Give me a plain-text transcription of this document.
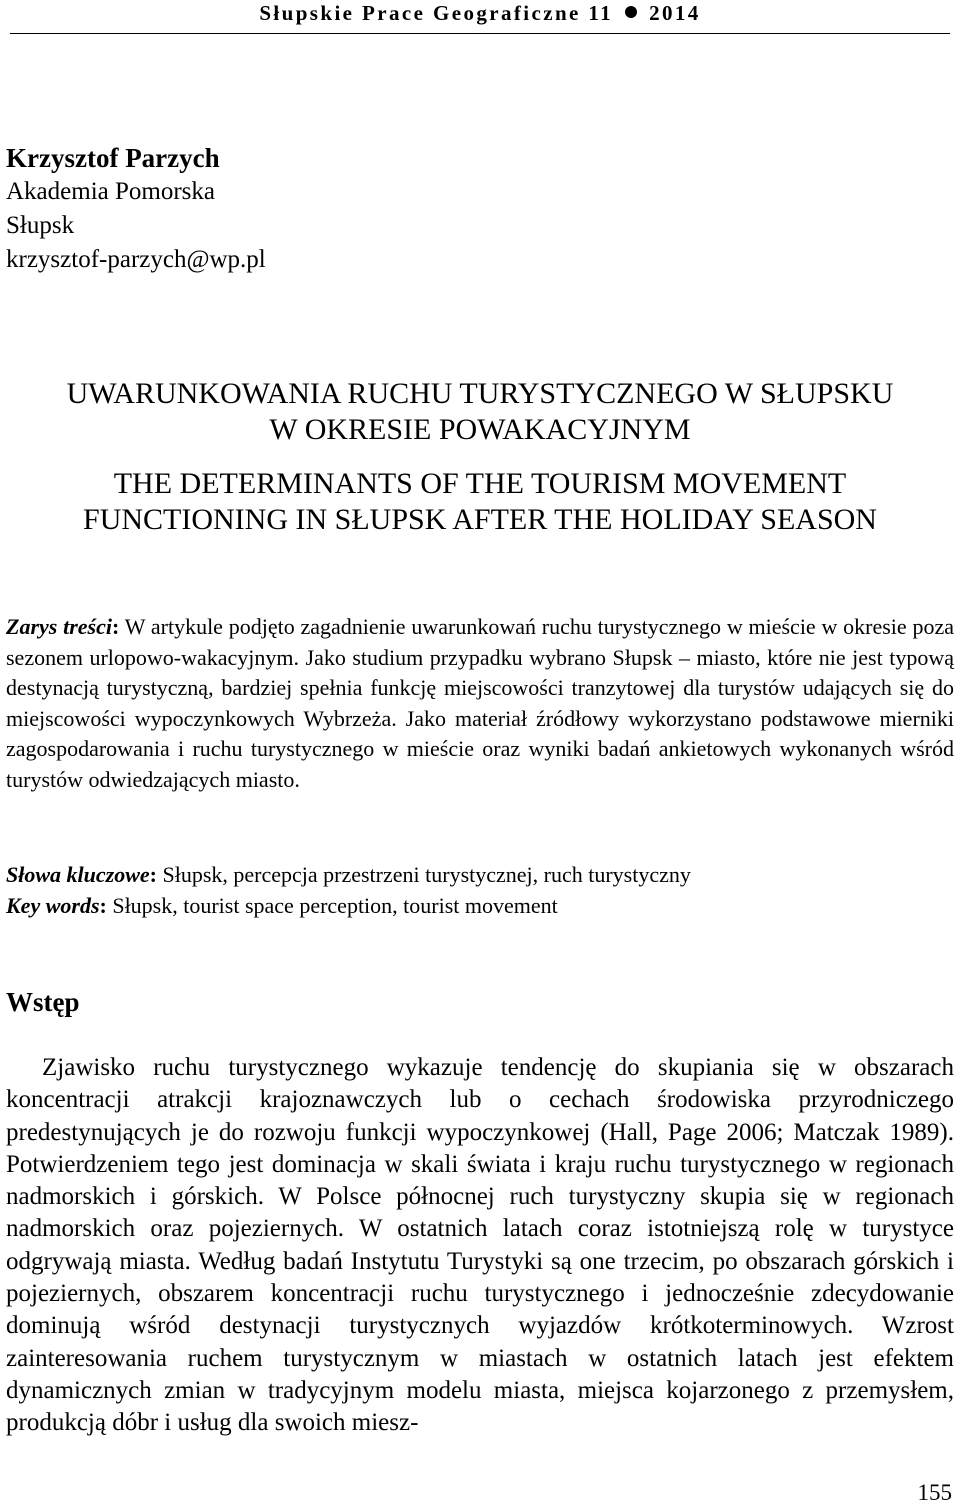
Słupskie Prace Geograficzne 11 2014
Krzysztof Parzych
Akademia Pomorska
Słupsk
krzysztof-parzych@wp.pl

UWARUNKOWANIA RUCHU TURYSTYCZNEGO W SŁUPSKU

W OKRESIE POWAKACYJNYM

THE DETERMINANTS OF THE TOURISM MOVEMENT

FUNCTIONING IN SŁUPSK AFTER THE HOLIDAY SEASON

Zarys treści: W artykule podjęto zagadnienie uwarunkowań ruchu turystycznego w mieście w okresie poza sezonem urlopowo-wakacyjnym. Jako studium przypadku wybrano Słupsk – miasto, które nie jest typową destynacją turystyczną, bardziej spełnia funkcję miejscowości tranzytowej dla turystów udających się do miejscowości wypoczynkowych Wybrzeża. Jako materiał źródłowy wykorzystano podstawowe mierniki zagospodarowania i ruchu turystycznego w mieście oraz wyniki badań ankietowych wykonanych wśród turystów odwiedzających miasto.

Słowa kluczowe: Słupsk, percepcja przestrzeni turystycznej, ruch turystyczny

Key words: Słupsk, tourist space perception, tourist movement

Wstęp

Zjawisko ruchu turystycznego wykazuje tendencję do skupiania się w obszarach koncentracji atrakcji krajoznawczych lub o cechach środowiska przyrodniczego predestynujących je do rozwoju funkcji wypoczynkowej (Hall, Page 2006; Matczak 1989). Potwierdzeniem tego jest dominacja w skali świata i kraju ruchu turystycznego w regionach nadmorskich i górskich. W Polsce północnej ruch turystyczny skupia się w regionach nadmorskich oraz pojeziernych. W ostatnich latach coraz istotniejszą rolę w turystyce odgrywają miasta. Według badań Instytutu Turystyki są one trzecim, po obszarach górskich i pojeziernych, obszarem koncentracji ruchu turystycznego i jednocześnie zdecydowanie dominują wśród destynacji turystycznych wyjazdów krótkoterminowych. Wzrost zainteresowania ruchem turystycznym w miastach w ostatnich latach jest efektem dynamicznych zmian w tradycyjnym modelu miasta, miejsca kojarzonego z przemysłem, produkcją dóbr i usług dla swoich miesz-

155
